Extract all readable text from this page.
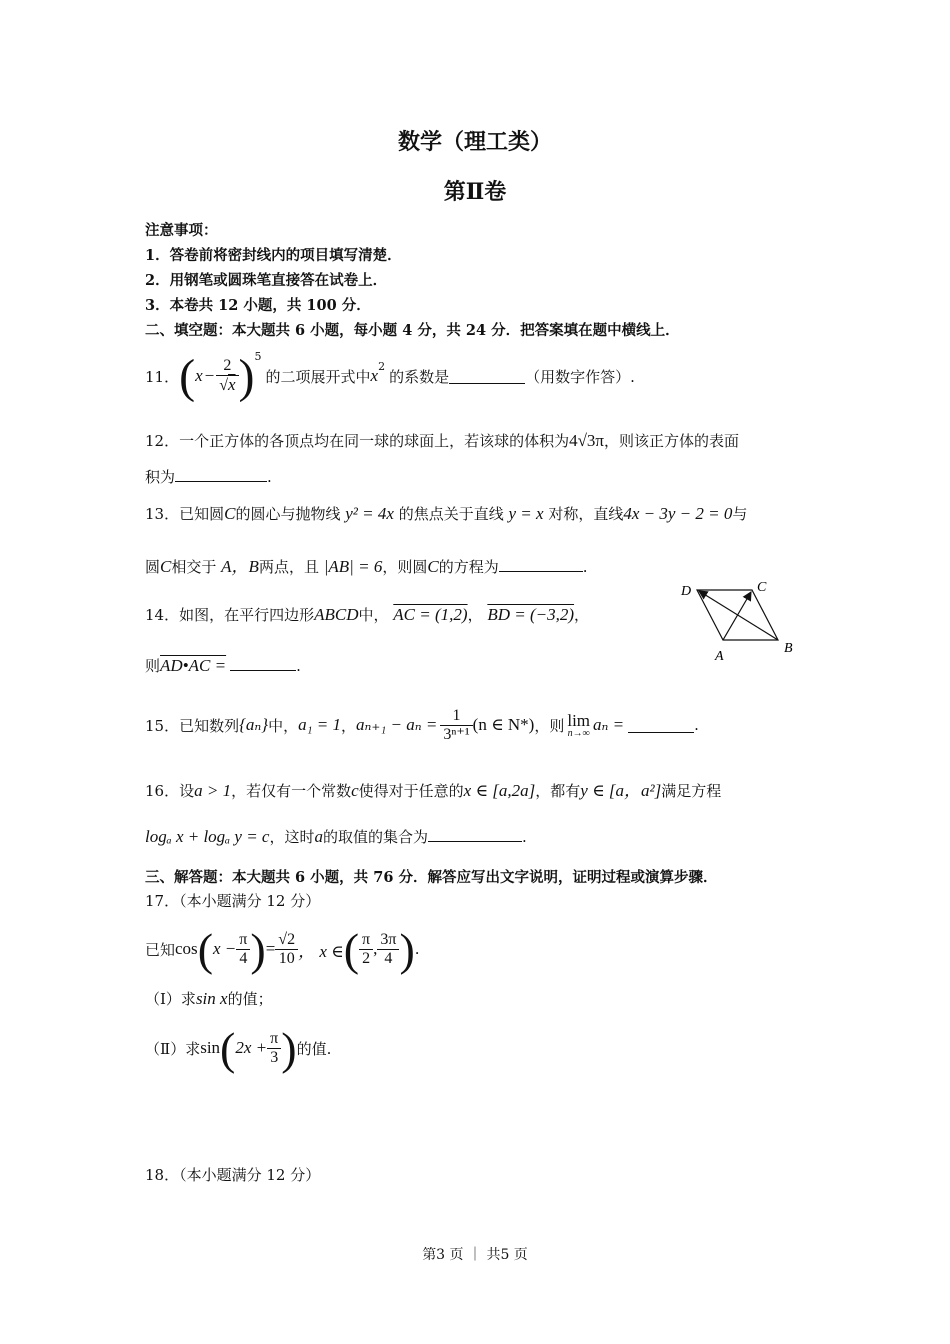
数学（理工类）
第Ⅱ卷
注意事项：
1．答卷前将密封线内的项目填写清楚．
2．用钢笔或圆珠笔直接答在试卷上．
3．本卷共 12 小题，共 100 分．
二、填空题：本大题共 6 小题，每小题 4 分，共 24 分．把答案填在题中横线上．
11． ( $x - \frac{2}{√x} )^5$
的二项展开式中 $x^2$
的系数是	（用数字作答）.
12．一个正方体的各顶点均在同一球的球面上，若该球的体积为4√3π，则该正方体的表面
积为	.
13．已知圆C的圆心与抛物线 y² = 4x 的焦点关于直线 y = x 对称，直线4x − 3y − 2 = 0与
圆C相交于 A，B两点，且 |AB| = 6，则圆C的方程为	.
14．如图，在平行四边形ABCD中， AC = (1,2)， BD = (−3,2)，
则AD•AC =	.
D	C
A
B
15．已知数列 {aₙ} 中， a₁ = 1 ， $a_{n+1} - a_n = \frac{1}{\text{3ⁿ⁺¹}} (n$ ∈ N*) ，则 lim
n→∞ aₙ =	.
16．设a > 1，若仅有一个常数c使得对于任意的x ∈ [a,2a]，都有y ∈ [a，a²]满足方程
logₐ x + logₐ y = c，这时a的取值的集合为	.
三、解答题：本大题共 6 小题，共 76 分．解答应写出文字说明，证明过程或演算步骤．
17．（本小题满分 12 分）
已知 cos ( $x - \frac{\pi}{4}$ ) = $\frac{√2}{10}$ ， x ∈ ( $\frac{\pi}{2}$ , $\frac{3\pi}{4}$ ) .
（Ⅰ）求sin x的值；
（Ⅱ）求 sin ( $2x + \frac{\pi}{3}$ ) 的值.
18．（本小题满分 12 分）
第3 页 ｜ 共5 页
